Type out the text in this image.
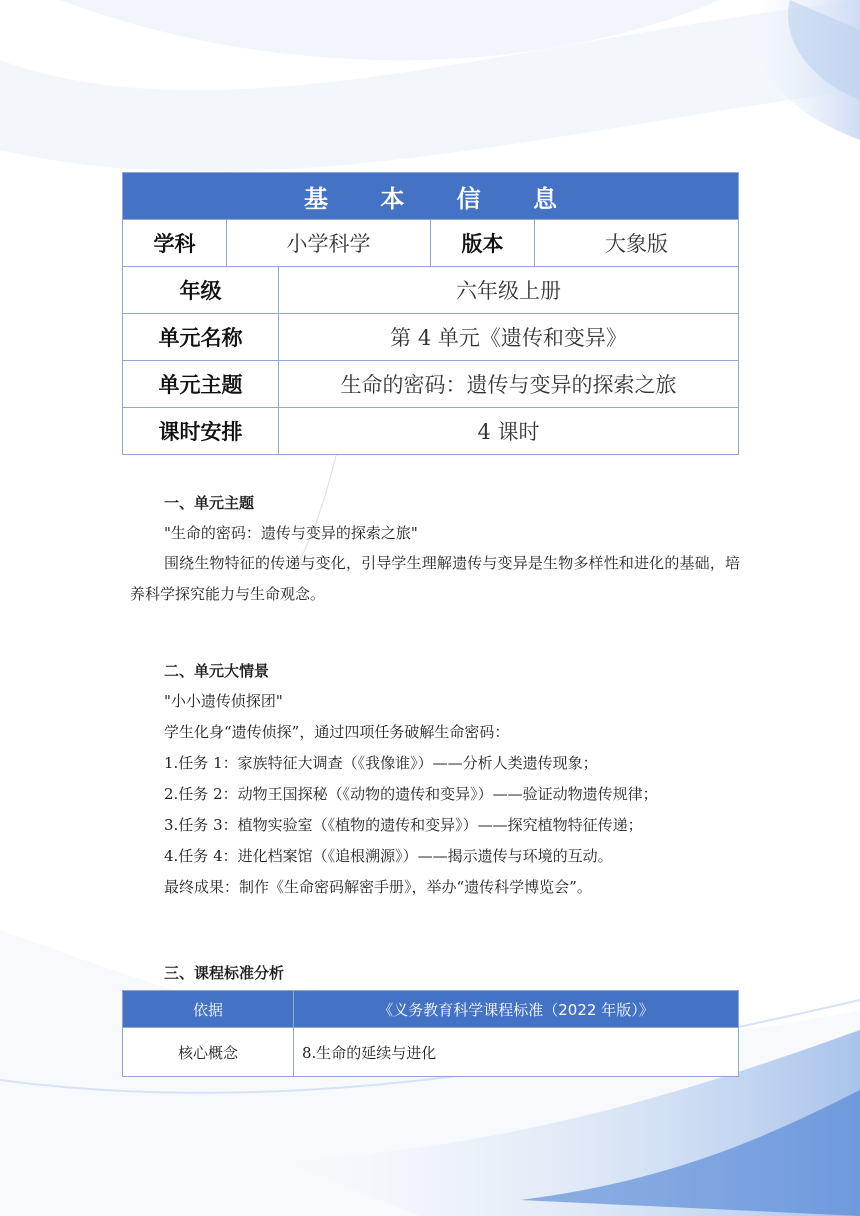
基 本 信 息				
学科	小学科学		版本	大象版
年级		六年级上册		
单元名称		第 4 单元《遗传和变异》		
单元主题		生命的密码：遗传与变异的探索之旅		
课时安排		4 课时		
一、单元主题
"生命的密码：遗传与变异的探索之旅"
围绕生物特征的传递与变化，引导学生理解遗传与变异是生物多样性和进化的基础，培养科学探究能力与生命观念。
二、单元大情景
"小小遗传侦探团"
学生化身“遗传侦探”，通过四项任务破解生命密码：
1.任务 1：家族特征大调查（《我像谁》）——分析人类遗传现象；
2.任务 2：动物王国探秘（《动物的遗传和变异》）——验证动物遗传规律；
3.任务 3：植物实验室（《植物的遗传和变异》）——探究植物特征传递；
4.任务 4：进化档案馆（《追根溯源》）——揭示遗传与环境的互动。
最终成果：制作《生命密码解密手册》，举办“遗传科学博览会”。
三、课程标准分析
依据	《义务教育科学课程标准（2022 年版）》
核心概念	8.生命的延续与进化
